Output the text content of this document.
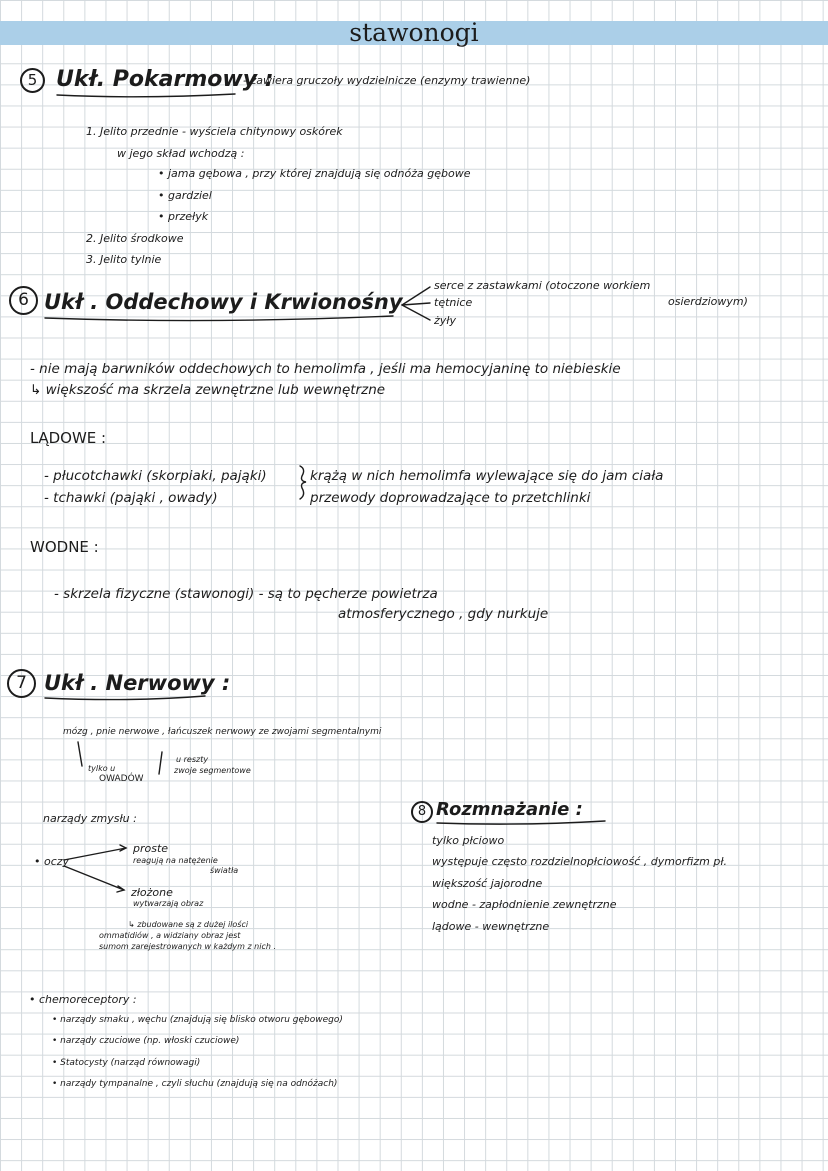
stawonogi
5 Ukł. Pokarmowy :
- zawiera gruczoły wydzielnicze (enzymy trawienne)
1. Jelito przednie - wyściela chitynowy oskórek
w jego skład wchodzą :
• jama gębowa , przy której znajdują się odnóża gębowe
• gardziel
• przełyk
2. Jelito środkowe
3. Jelito tylnie
6 Ukł . Oddechowy i Krwionośny
serce z zastawkami (otoczone workiem
osierdziowym)
tętnice
żyły
- nie mają barwników oddechowych to hemolimfa , jeśli ma hemocyjaninę to niebieskie
↳ większość ma skrzela zewnętrzne lub wewnętrzne
LĄDOWE :
- płucotchawki (skorpiaki, pająki)
- tchawki (pająki , owady)
krążą w nich hemolimfa wylewające się do jam ciała
przewody doprowadzające to przetchlinki
WODNE :
- skrzela fizyczne (stawonogi) - są to pęcherze powietrza
atmosferycznego , gdy nurkuje
7 Ukł . Nerwowy :
mózg , pnie nerwowe , łańcuszek nerwowy ze zwojami segmentalnymi
tylko u
OWADÓW
u reszty
zwoje segmentowe
narządy zmysłu :
• oczy
proste
reagują na natężenie
światła
złożone
wytwarzają obraz
↳ zbudowane są z dużej ilości
ommatidiów , a widziany obraz jest
sumom zarejestrowanych w każdym z nich .
• chemoreceptory :
• narządy smaku , węchu (znajdują się blisko otworu gębowego)
• narządy czuciowe (np. włoski czuciowe)
• Statocysty (narząd równowagi)
• narządy tympanalne , czyli słuchu (znajdują się na odnóżach)
8 Rozmnażanie :
tylko płciowo
występuje często rozdzielnopłciowość , dymorfizm pł.
większość jajorodne
wodne - zapłodnienie zewnętrzne
lądowe - wewnętrzne
